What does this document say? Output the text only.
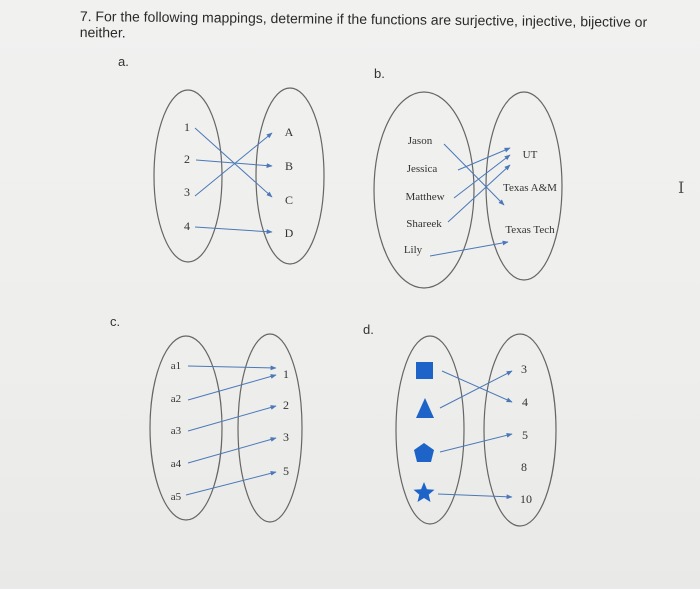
7. For the following mappings, determine if the functions are surjective, injective, bijective or neither.
a.
b.
c.
d.
I
1
2
3
4
A
B
C
D
Jason
Jessica
Matthew
Shareek
Lily
UT
Texas A&M
Texas Tech
a1
a2
a3
a4
a5
1
2
3
5
3
4
5
8
10
